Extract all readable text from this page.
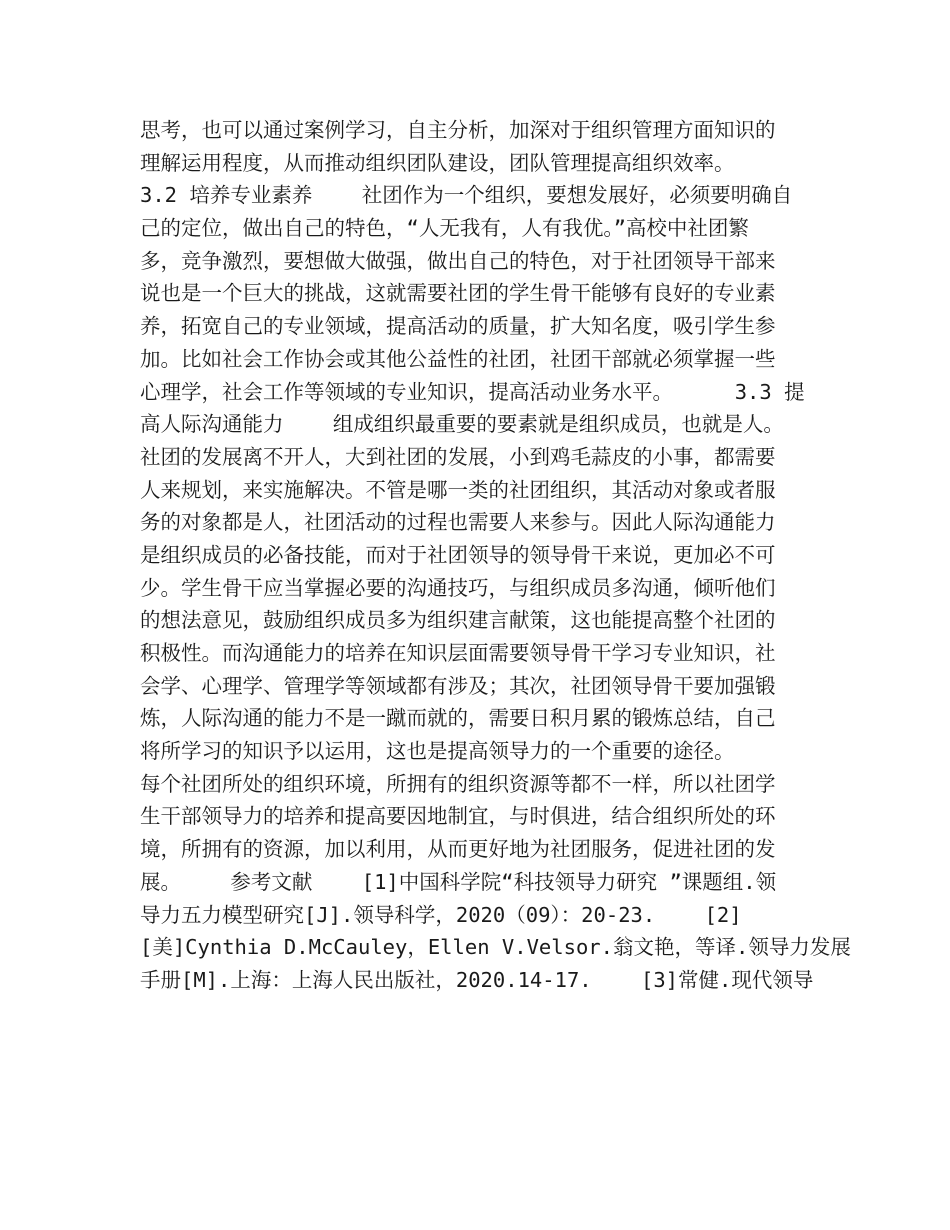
思考，也可以通过案例学习，自主分析，加深对于组织管理方面知识的
理解运用程度，从而推动组织团队建设，团队管理提高组织效率。
3.2 培养专业素养    社团作为一个组织，要想发展好，必须要明确自
己的定位，做出自己的特色，“人无我有，人有我优。”高校中社团繁
多，竞争激烈，要想做大做强，做出自己的特色，对于社团领导干部来
说也是一个巨大的挑战，这就需要社团的学生骨干能够有良好的专业素
养，拓宽自己的专业领域，提高活动的质量，扩大知名度，吸引学生参
加。比如社会工作协会或其他公益性的社团，社团干部就必须掌握一些
心理学，社会工作等领域的专业知识，提高活动业务水平。     3.3 提
高人际沟通能力    组成组织最重要的要素就是组织成员，也就是人。
社团的发展离不开人，大到社团的发展，小到鸡毛蒜皮的小事，都需要
人来规划，来实施解决。不管是哪一类的社团组织，其活动对象或者服
务的对象都是人，社团活动的过程也需要人来参与。因此人际沟通能力
是组织成员的必备技能，而对于社团领导的领导骨干来说，更加必不可
少。学生骨干应当掌握必要的沟通技巧，与组织成员多沟通，倾听他们
的想法意见，鼓励组织成员多为组织建言献策，这也能提高整个社团的
积极性。而沟通能力的培养在知识层面需要领导骨干学习专业知识，社
会学、心理学、管理学等领域都有涉及；其次，社团领导骨干要加强锻
炼，人际沟通的能力不是一蹴而就的，需要日积月累的锻炼总结，自己
将所学习的知识予以运用，这也是提高领导力的一个重要的途径。
每个社团所处的组织环境，所拥有的组织资源等都不一样，所以社团学
生干部领导力的培养和提高要因地制宜，与时俱进，结合组织所处的环
境，所拥有的资源，加以利用，从而更好地为社团服务，促进社团的发
展。    参考文献    [1]中国科学院“科技领导力研究 ”课题组.领
导力五力模型研究[J].领导科学，2020（09）：20-23.    [2]
[美]Cynthia D.McCauley，Ellen V.Velsor.翁文艳，等译.领导力发展
手册[M].上海：上海人民出版社，2020.14-17.    [3]常健.现代领导
